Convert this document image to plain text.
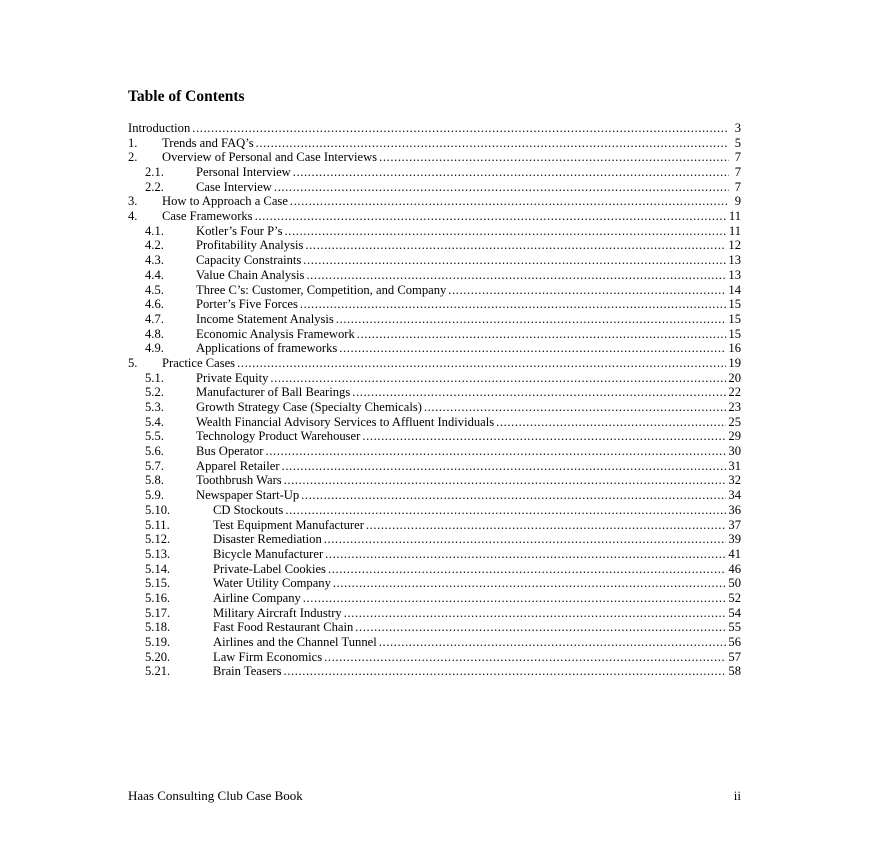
Table of Contents
Introduction .....	3
1.	Trends and FAQ’s .....	5
2.	Overview of Personal and Case Interviews .....	7
2.1.	Personal Interview .....	7
2.2.	Case Interview .....	7
3.	How to Approach a Case .....	9
4.	Case Frameworks .....	11
4.1.	Kotler’s Four P’s .....	11
4.2.	Profitability Analysis .....	12
4.3.	Capacity Constraints .....	13
4.4.	Value Chain Analysis .....	13
4.5.	Three C’s: Customer, Competition, and Company .....	14
4.6.	Porter’s Five Forces .....	15
4.7.	Income Statement Analysis .....	15
4.8.	Economic Analysis Framework .....	15
4.9.	Applications of frameworks .....	16
5.	Practice Cases .....	19
5.1.	Private Equity .....	20
5.2.	Manufacturer of Ball Bearings .....	22
5.3.	Growth Strategy Case (Specialty Chemicals) .....	23
5.4.	Wealth Financial Advisory Services to Affluent Individuals .....	25
5.5.	Technology Product Warehouser .....	29
5.6.	Bus Operator .....	30
5.7.	Apparel Retailer .....	31
5.8.	Toothbrush Wars .....	32
5.9.	Newspaper Start-Up .....	34
5.10.	CD Stockouts .....	36
5.11.	Test Equipment Manufacturer .....	37
5.12.	Disaster Remediation .....	39
5.13.	Bicycle Manufacturer .....	41
5.14.	Private-Label Cookies .....	46
5.15.	Water Utility Company .....	50
5.16.	Airline Company .....	52
5.17.	Military Aircraft Industry .....	54
5.18.	Fast Food Restaurant Chain .....	55
5.19.	Airlines and the Channel Tunnel .....	56
5.20.	Law Firm Economics .....	57
5.21.	Brain Teasers .....	58
Haas Consulting Club Case Book	ii
